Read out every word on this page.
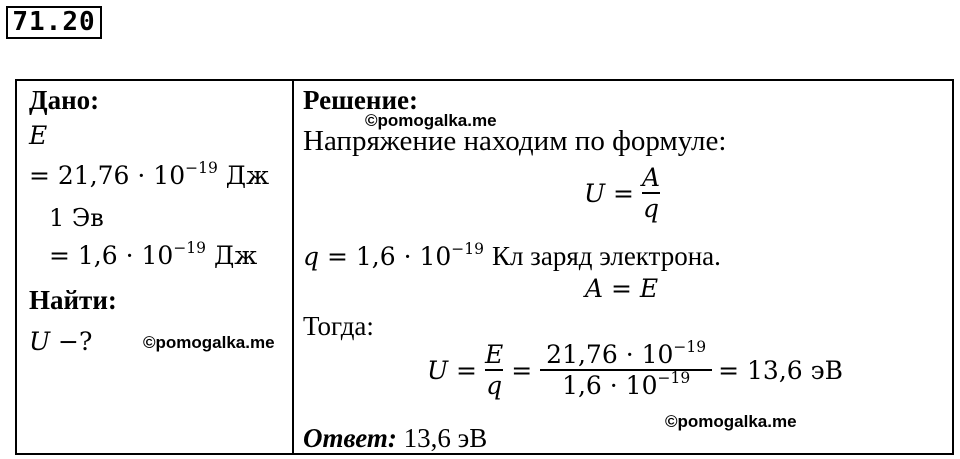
71.20
Дано:
E
= $21,76 \cdot 10^{-19}$ Дж
1 Эв
= $1,6 \cdot 10^{-19}$ Дж
Найти:
U −?	©pomogalka.me
Решение:
©pomogalka.me
Напряжение находим по формуле:
$U = \frac{A}{q}$
$q = 1,6 \cdot 10^{-19}$ Кл заряд электрона.
A = E
Тогда:
$U = \frac{E}{q} = \frac{21,76 \cdot 10^{-19}}{1,6 \cdot 10^{-19}} = 13,6$ эВ
©pomogalka.me
Ответ: 13,6 эВ
